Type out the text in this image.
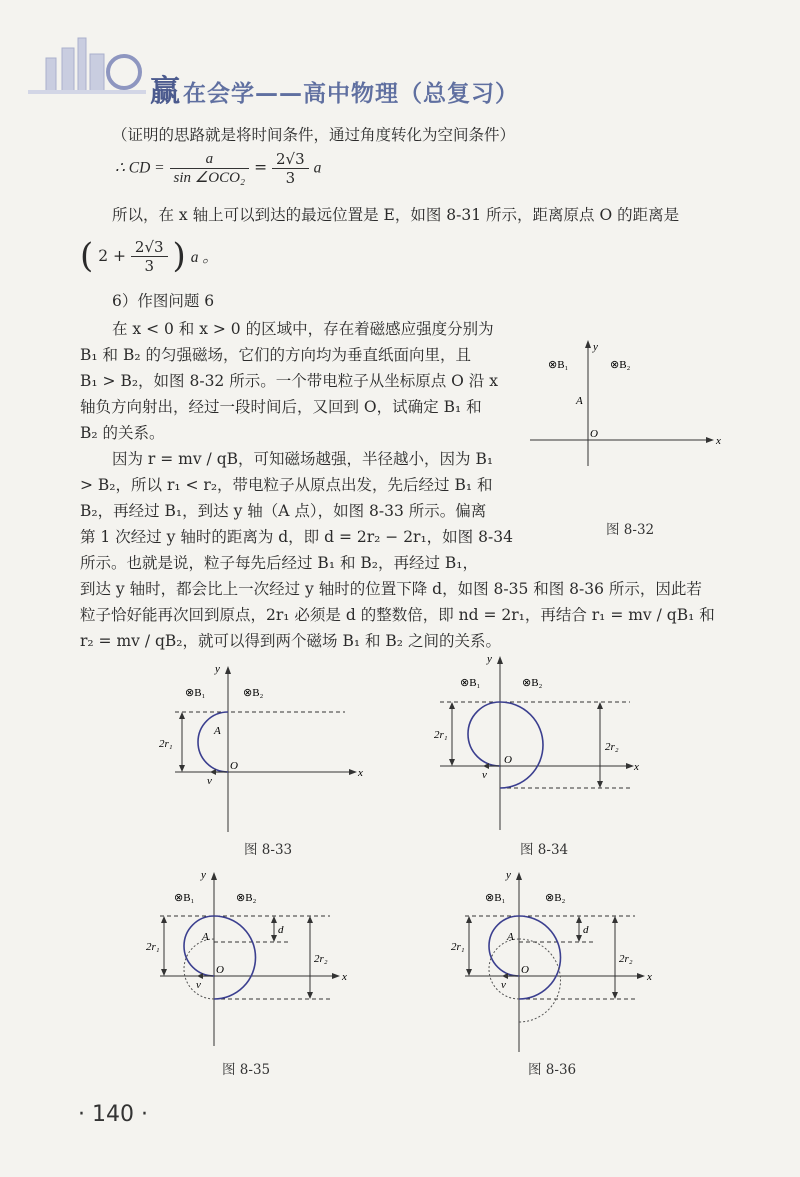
赢在会学——高中物理（总复习）
（证明的思路就是将时间条件，通过角度转化为空间条件）
∴ CD = $\frac{a}{\text{sin ∠OCO₂}} = \frac{2√3}{3}$ a
所以，在 x 轴上可以到达的最远位置是 E，如图 8-31 所示，距离原点 O 的距离是
( $2 + \frac{2√3}{3}$ ) a 。
6）作图问题 6
在 x < 0 和 x > 0 的区域中，存在着磁感应强度分别为
B₁ 和 B₂ 的匀强磁场，它们的方向均为垂直纸面向里，且
B₁ > B₂，如图 8-32 所示。一个带电粒子从坐标原点 O 沿 x
轴负方向射出，经过一段时间后，又回到 O，试确定 B₁ 和
B₂ 的关系。
因为 r = mv / qB，可知磁场越强，半径越小，因为 B₁
> B₂，所以 r₁ < r₂，带电粒子从原点出发，先后经过 B₁ 和
B₂，再经过 B₁，到达 y 轴（A 点），如图 8-33 所示。偏离
第 1 次经过 y 轴时的距离为 d，即 d = 2r₂ − 2r₁，如图 8-34
所示。也就是说，粒子每先后经过 B₁ 和 B₂，再经过 B₁，
到达 y 轴时，都会比上一次经过 y 轴时的位置下降 d，如图 8-35 和图 8-36 所示，因此若
粒子恰好能再次回到原点，2r₁ 必须是 d 的整数倍，即 nd = 2r₁，再结合 r₁ = mv / qB₁ 和
r₂ = mv / qB₂，就可以得到两个磁场 B₁ 和 B₂ 之间的关系。
x
y
O
A
⊗B₁	⊗B₂
图 8-32
2r₁
A
O
v
x
y
⊗B₁	⊗B₂
图 8-33
2r₁
2r₂
O
v
x
y
⊗B₁	⊗B₂
图 8-34
2r₁
d
2r₂
A
O
v
x
y
⊗B₁	⊗B₂
图 8-35
2r₁
d
2r₂
A
O
v
x
y
⊗B₁	⊗B₂
图 8-36
· 140 ·
